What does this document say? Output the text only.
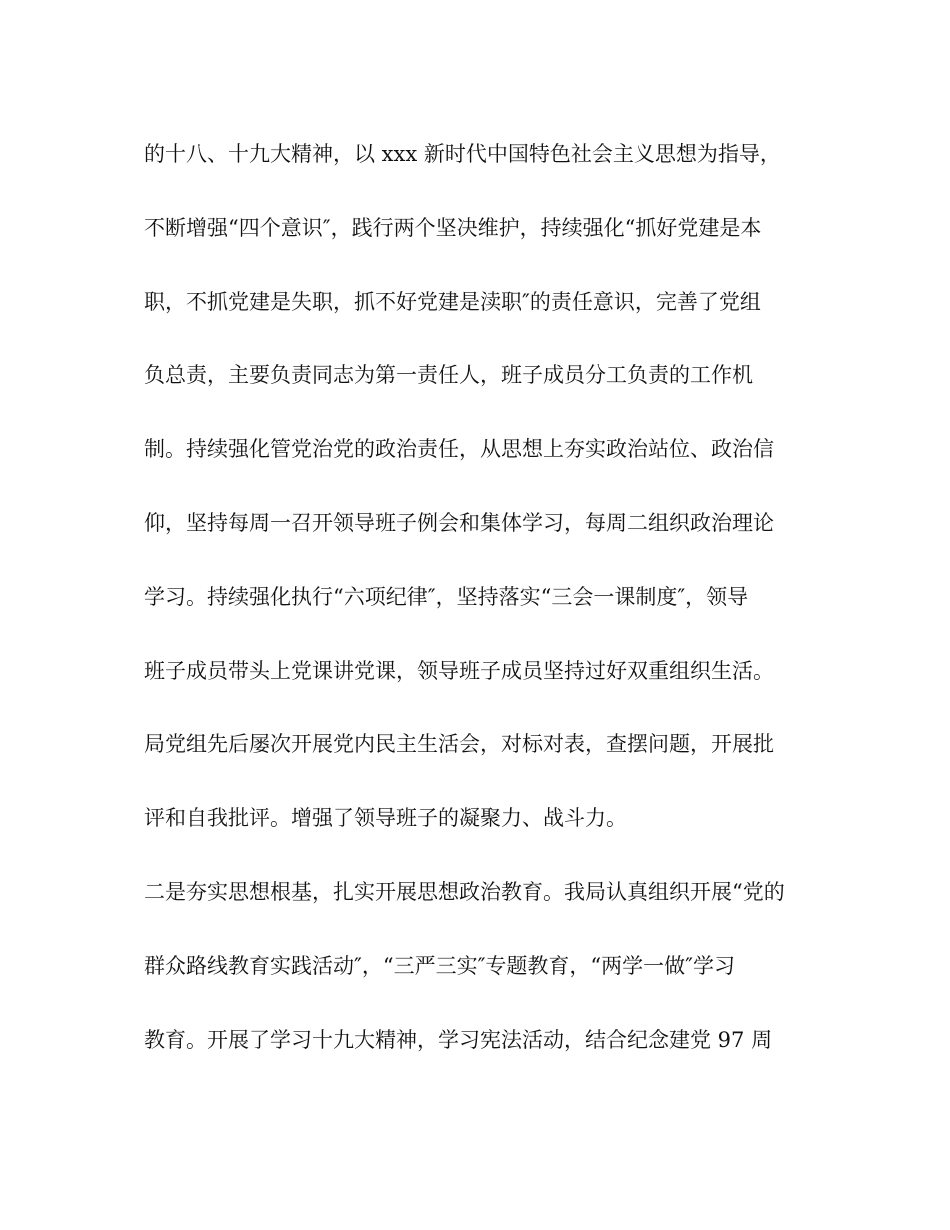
的十八、十九大精神，以 xxx 新时代中国特色社会主义思想为指导，
不断增强“四个意识″，践行两个坚决维护，持续强化“抓好党建是本
职，不抓党建是失职，抓不好党建是渎职″的责任意识，完善了党组
负总责，主要负责同志为第一责任人，班子成员分工负责的工作机
制。持续强化管党治党的政治责任，从思想上夯实政治站位、政治信
仰，坚持每周一召开领导班子例会和集体学习，每周二组织政治理论
学习。持续强化执行“六项纪律″，坚持落实“三会一课制度″，领导
班子成员带头上党课讲党课，领导班子成员坚持过好双重组织生活。
局党组先后屡次开展党内民主生活会，对标对表，查摆问题，开展批
评和自我批评。增强了领导班子的凝聚力、战斗力。
二是夯实思想根基，扎实开展思想政治教育。我局认真组织开展“党的
群众路线教育实践活动″，“三严三实″专题教育，“两学一做″学习
教育。开展了学习十九大精神，学习宪法活动，结合纪念建党 97 周
